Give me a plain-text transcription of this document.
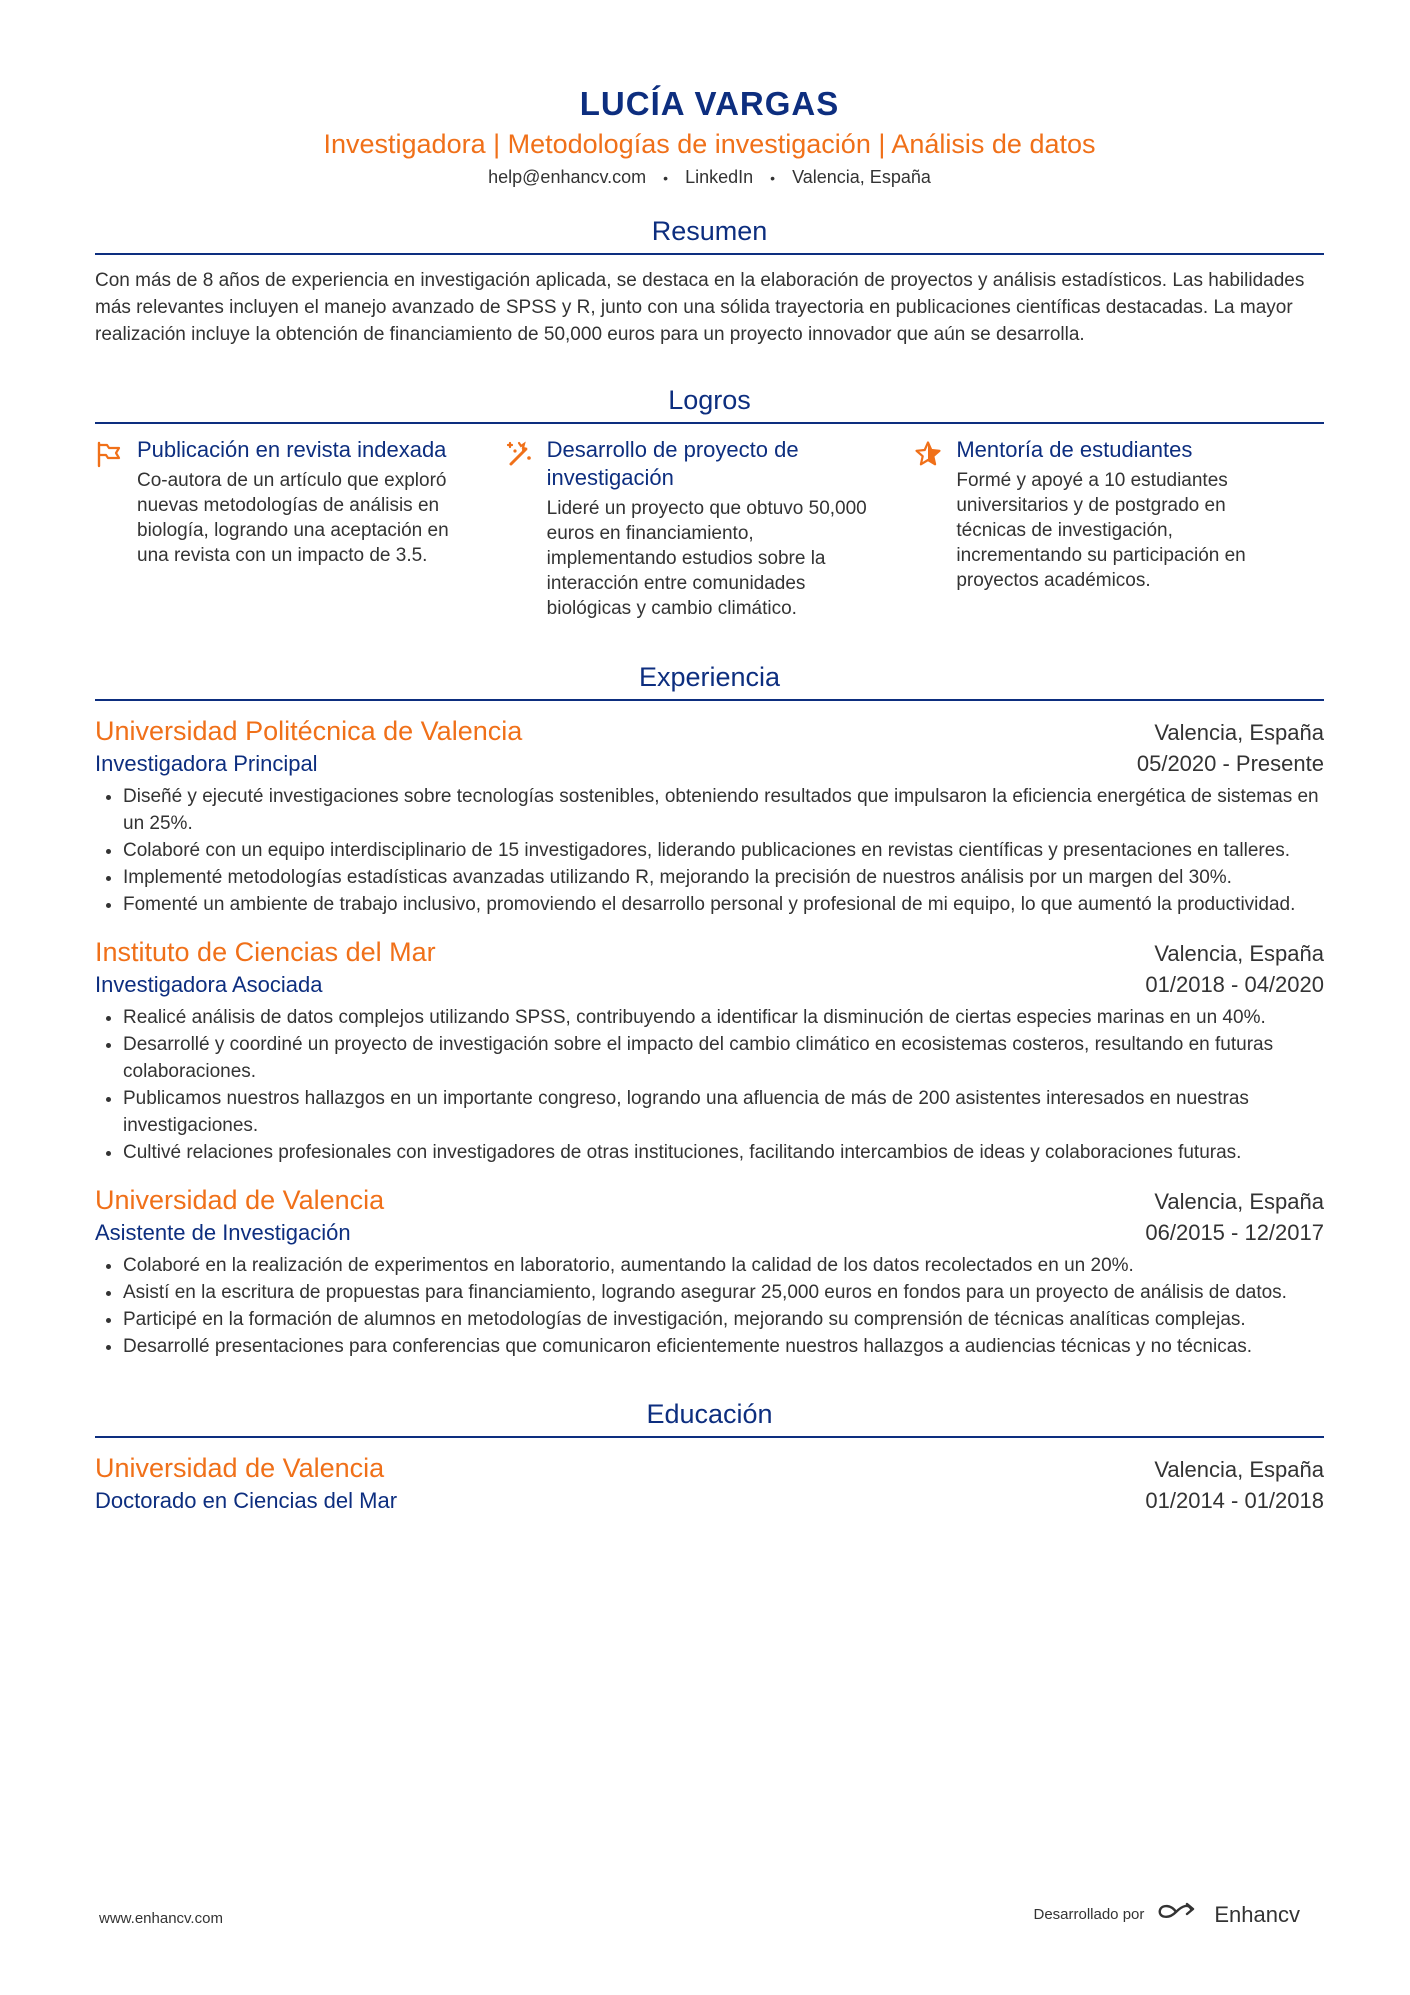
LUCÍA VARGAS
Investigadora | Metodologías de investigación | Análisis de datos
help@enhancv.com • LinkedIn • Valencia, España
Resumen
Con más de 8 años de experiencia en investigación aplicada, se destaca en la elaboración de proyectos y análisis estadísticos. Las habilidades más relevantes incluyen el manejo avanzado de SPSS y R, junto con una sólida trayectoria en publicaciones científicas destacadas. La mayor realización incluye la obtención de financiamiento de 50,000 euros para un proyecto innovador que aún se desarrolla.
Logros
Publicación en revista indexada
Co-autora de un artículo que exploró nuevas metodologías de análisis en biología, logrando una aceptación en una revista con un impacto de 3.5.
Desarrollo de proyecto de investigación
Lideré un proyecto que obtuvo 50,000 euros en financiamiento, implementando estudios sobre la interacción entre comunidades biológicas y cambio climático.
Mentoría de estudiantes
Formé y apoyé a 10 estudiantes universitarios y de postgrado en técnicas de investigación, incrementando su participación en proyectos académicos.
Experiencia
Universidad Politécnica de Valencia	Valencia, España
Investigadora Principal	05/2020 - Presente
• Diseñé y ejecuté investigaciones sobre tecnologías sostenibles, obteniendo resultados que impulsaron la eficiencia energética de sistemas en un 25%.
• Colaboré con un equipo interdisciplinario de 15 investigadores, liderando publicaciones en revistas científicas y presentaciones en talleres.
• Implementé metodologías estadísticas avanzadas utilizando R, mejorando la precisión de nuestros análisis por un margen del 30%.
• Fomenté un ambiente de trabajo inclusivo, promoviendo el desarrollo personal y profesional de mi equipo, lo que aumentó la productividad.
Instituto de Ciencias del Mar	Valencia, España
Investigadora Asociada	01/2018 - 04/2020
• Realicé análisis de datos complejos utilizando SPSS, contribuyendo a identificar la disminución de ciertas especies marinas en un 40%.
• Desarrollé y coordiné un proyecto de investigación sobre el impacto del cambio climático en ecosistemas costeros, resultando en futuras colaboraciones.
• Publicamos nuestros hallazgos en un importante congreso, logrando una afluencia de más de 200 asistentes interesados en nuestras investigaciones.
• Cultivé relaciones profesionales con investigadores de otras instituciones, facilitando intercambios de ideas y colaboraciones futuras.
Universidad de Valencia	Valencia, España
Asistente de Investigación	06/2015 - 12/2017
• Colaboré en la realización de experimentos en laboratorio, aumentando la calidad de los datos recolectados en un 20%.
• Asistí en la escritura de propuestas para financiamiento, logrando asegurar 25,000 euros en fondos para un proyecto de análisis de datos.
• Participé en la formación de alumnos en metodologías de investigación, mejorando su comprensión de técnicas analíticas complejas.
• Desarrollé presentaciones para conferencias que comunicaron eficientemente nuestros hallazgos a audiencias técnicas y no técnicas.
Educación
Universidad de Valencia	Valencia, España
Doctorado en Ciencias del Mar	01/2014 - 01/2018
www.enhancv.com	Desarrollado por	Enhancv
